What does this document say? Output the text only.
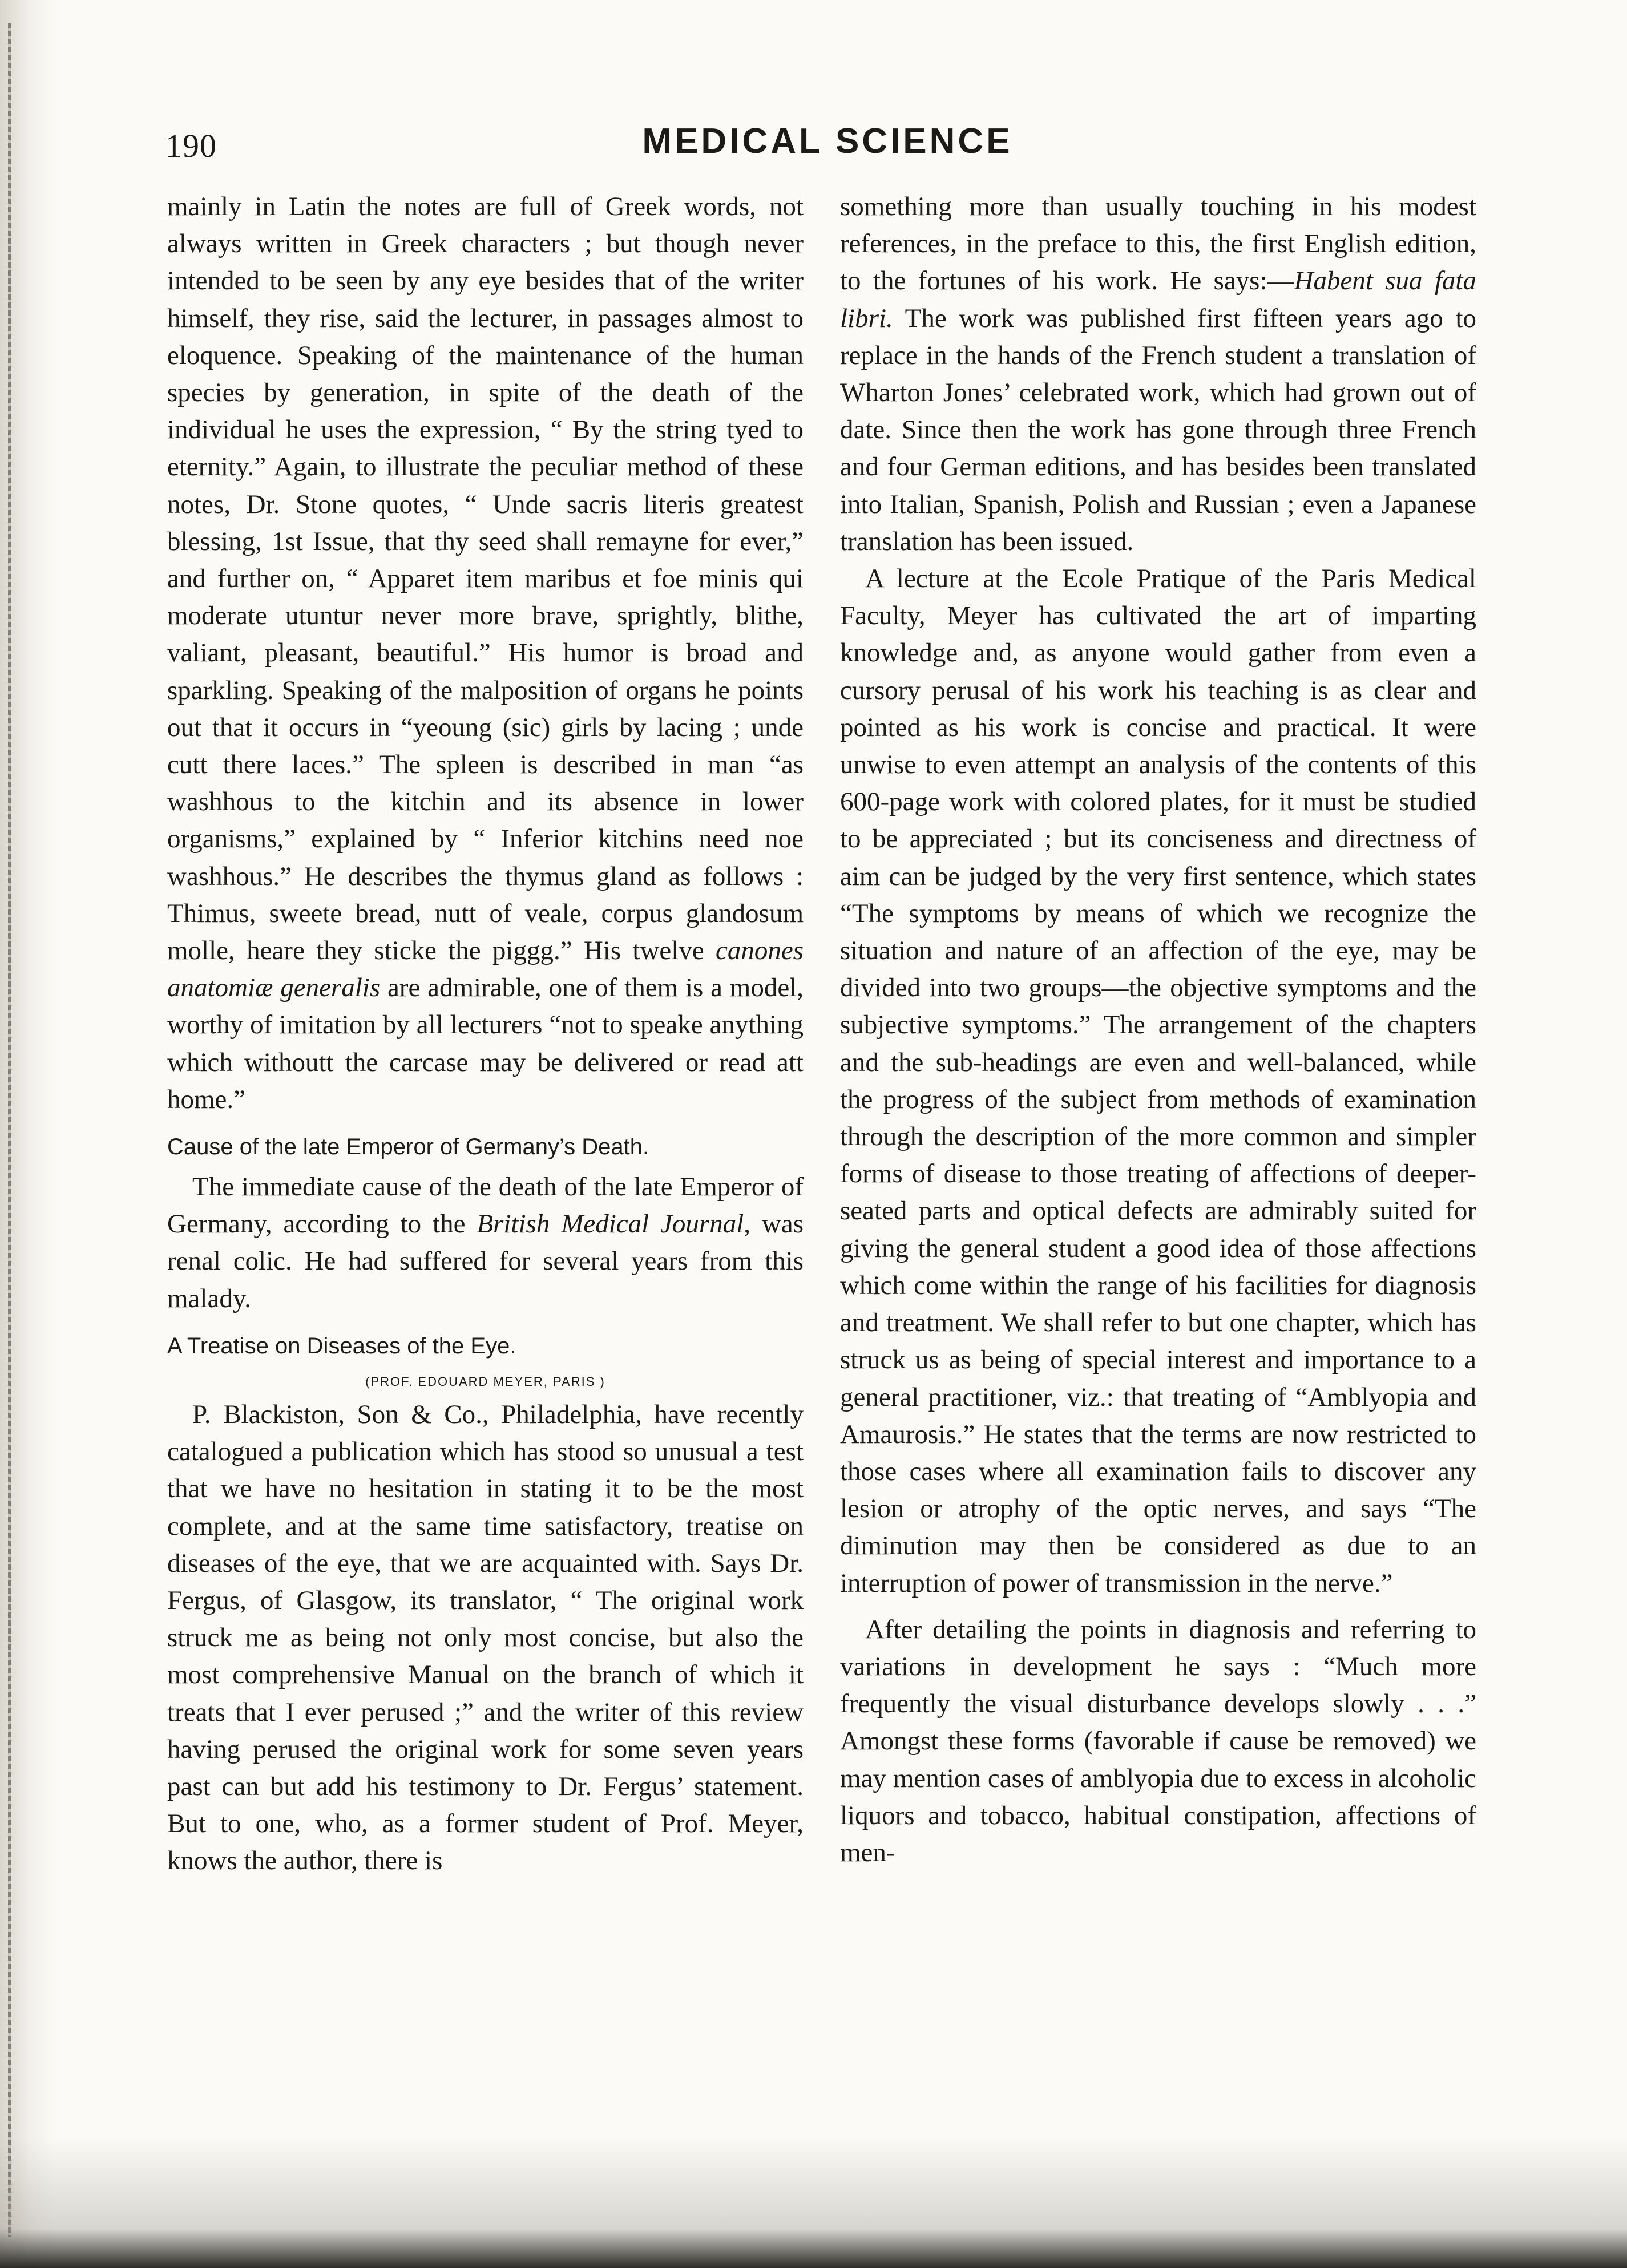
190	MEDICAL SCIENCE

mainly in Latin the notes are full of Greek words, not always written in Greek characters ; but though never intended to be seen by any eye besides that of the writer himself, they rise, said the lecturer, in passages almost to eloquence. Speaking of the maintenance of the human species by generation, in spite of the death of the individual he uses the expression, “ By the string tyed to eternity.” Again, to illustrate the peculiar method of these notes, Dr. Stone quotes, “ Unde sacris literis greatest blessing, 1st Issue, that thy seed shall remayne for ever,” and further on, “ Apparet item maribus et foe minis qui moderate utuntur never more brave, sprightly, blithe, valiant, pleasant, beautiful.” His humor is broad and sparkling. Speaking of the malposition of organs he points out that it occurs in “yeoung (sic) girls by lacing ; unde cutt there laces.” The spleen is described in man “as washhous to the kitchin and its absence in lower organisms,” explained by “ Inferior kitchins need noe washhous.” He describes the thymus gland as follows : Thimus, sweete bread, nutt of veale, corpus glandosum molle, heare they sticke the piggg.” His twelve canones anatomiæ generalis are admirable, one of them is a model, worthy of imitation by all lecturers “not to speake anything which withoutt the carcase may be delivered or read att home.”

Cause of the late Emperor of Germany’s Death.

The immediate cause of the death of the late Emperor of Germany, according to the British Medical Journal, was renal colic. He had suffered for several years from this malady.

A Treatise on Diseases of the Eye.

(PROF. EDOUARD MEYER, PARIS )

P. Blackiston, Son & Co., Philadelphia, have recently catalogued a publication which has stood so unusual a test that we have no hesitation in stating it to be the most complete, and at the same time satisfactory, treatise on diseases of the eye, that we are acquainted with. Says Dr. Fergus, of Glasgow, its translator, “ The original work struck me as being not only most concise, but also the most comprehensive Manual on the branch of which it treats that I ever perused ;” and the writer of this review having perused the original work for some seven years past can but add his testimony to Dr. Fergus’ statement. But to one, who, as a former student of Prof. Meyer, knows the author, there is

something more than usually touching in his modest references, in the preface to this, the first English edition, to the fortunes of his work. He says:—Habent sua fata libri. The work was published first fifteen years ago to replace in the hands of the French student a translation of Wharton Jones’ celebrated work, which had grown out of date. Since then the work has gone through three French and four German editions, and has besides been translated into Italian, Spanish, Polish and Russian ; even a Japanese translation has been issued.

A lecture at the Ecole Pratique of the Paris Medical Faculty, Meyer has cultivated the art of imparting knowledge and, as anyone would gather from even a cursory perusal of his work his teaching is as clear and pointed as his work is concise and practical. It were unwise to even attempt an analysis of the contents of this 600-page work with colored plates, for it must be studied to be appreciated ; but its conciseness and directness of aim can be judged by the very first sentence, which states “The symptoms by means of which we recognize the situation and nature of an affection of the eye, may be divided into two groups—the objective symptoms and the subjective symptoms.” The arrangement of the chapters and the sub-headings are even and well-balanced, while the progress of the subject from methods of examination through the description of the more common and simpler forms of disease to those treating of affections of deeper-seated parts and optical defects are admirably suited for giving the general student a good idea of those affections which come within the range of his facilities for diagnosis and treatment. We shall refer to but one chapter, which has struck us as being of special interest and importance to a general practitioner, viz.: that treating of “Amblyopia and Amaurosis.” He states that the terms are now restricted to those cases where all examination fails to discover any lesion or atrophy of the optic nerves, and says “The diminution may then be considered as due to an interruption of power of transmission in the nerve.”

After detailing the points in diagnosis and referring to variations in development he says : “Much more frequently the visual disturbance develops slowly . . .” Amongst these forms (favorable if cause be removed) we may mention cases of amblyopia due to excess in alcoholic liquors and tobacco, habitual constipation, affections of men-
